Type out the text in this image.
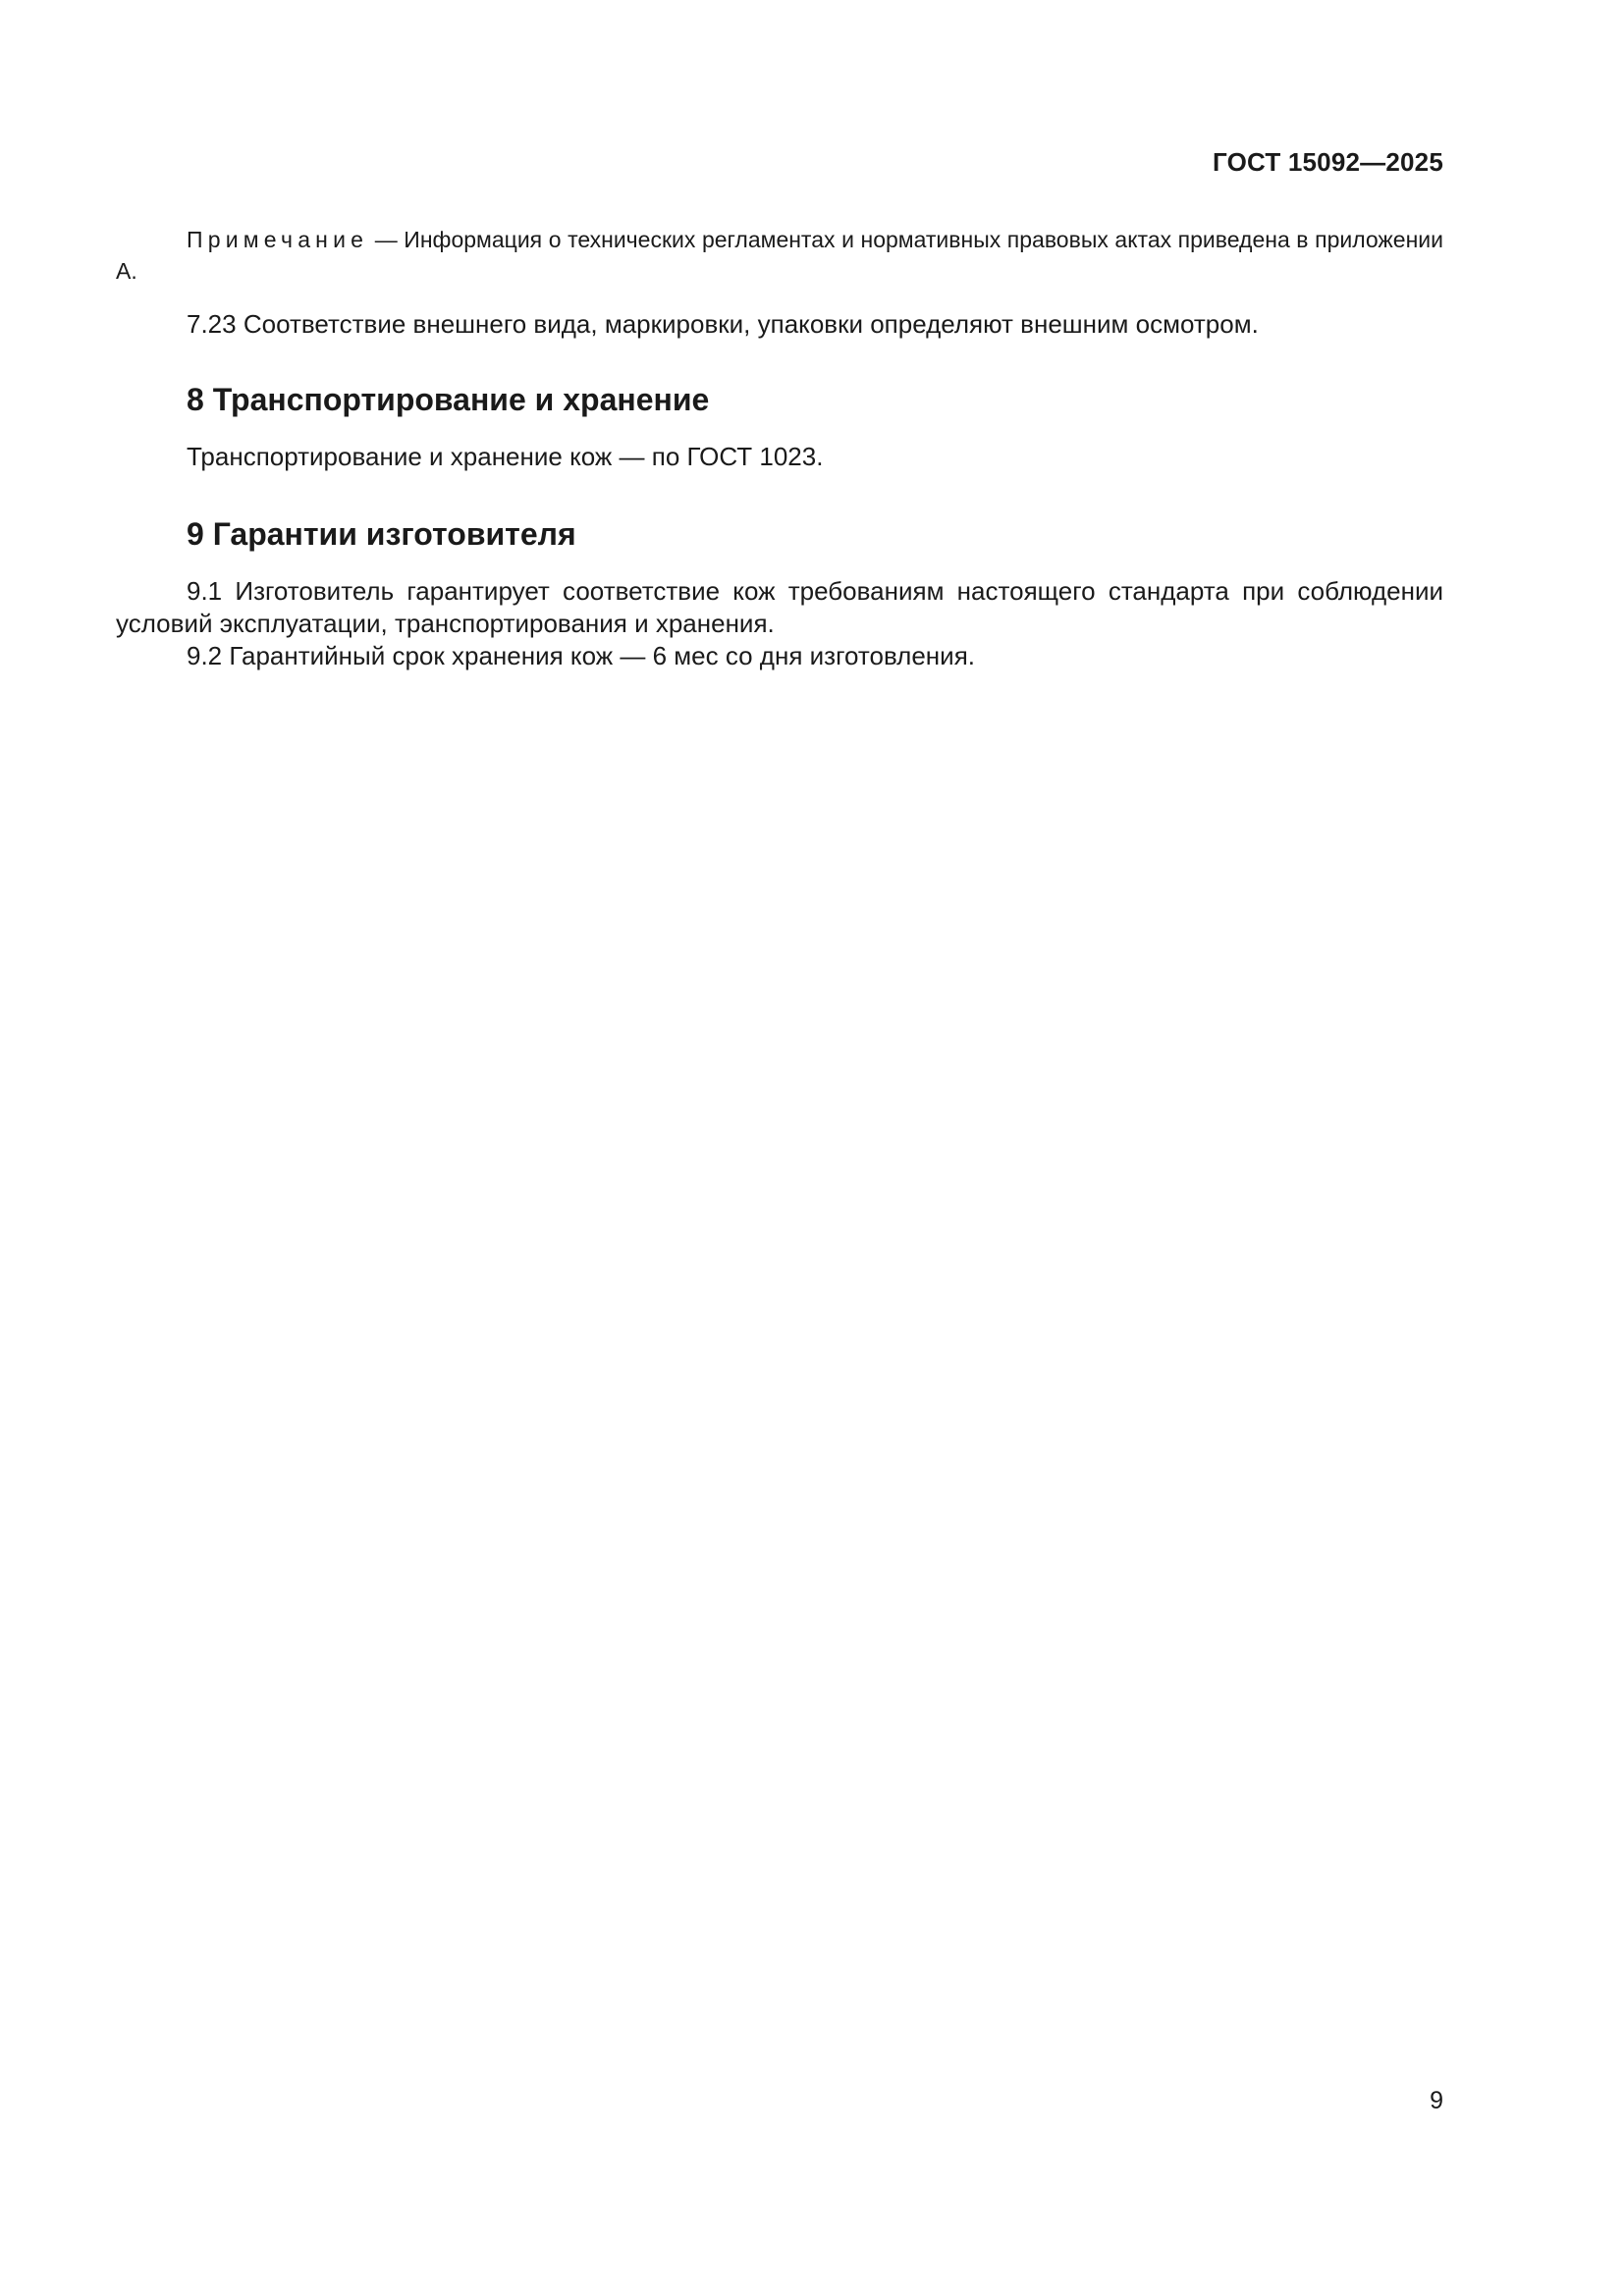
ГОСТ 15092—2025

Примечание — Информация о технических регламентах и нормативных правовых актах приведена в приложении А.

7.23 Соответствие внешнего вида, маркировки, упаковки определяют внешним осмотром.

8 Транспортирование и хранение

Транспортирование и хранение кож — по ГОСТ 1023.

9 Гарантии изготовителя

9.1 Изготовитель гарантирует соответствие кож требованиям настоящего стандарта при соблюдении условий эксплуатации, транспортирования и хранения.

9.2 Гарантийный срок хранения кож — 6 мес со дня изготовления.

9
